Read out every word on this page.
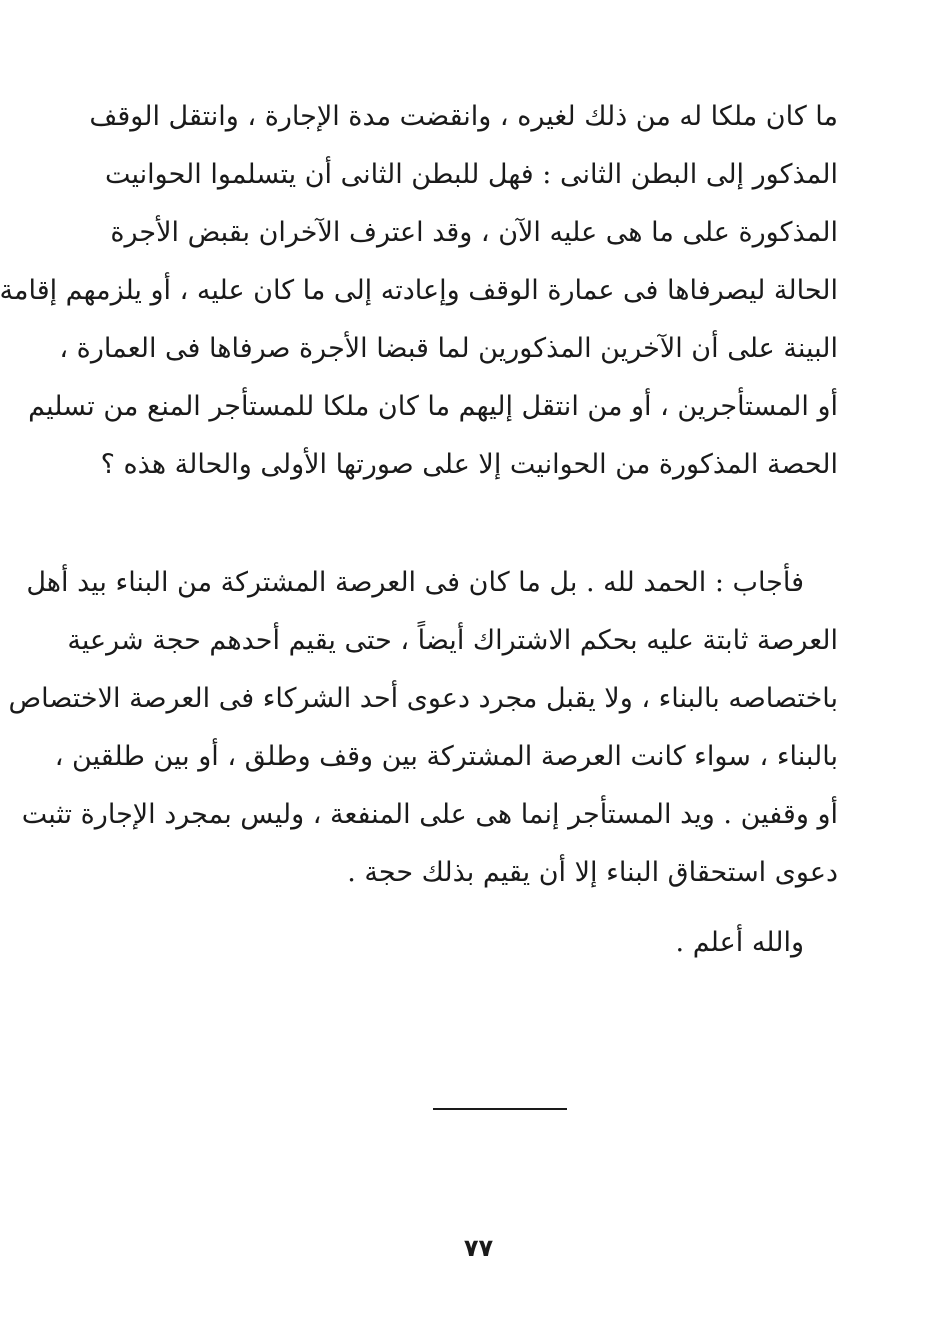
ما كان ملكا له من ذلك لغيره ، وانقضت مدة الإجارة ، وانتقل الوقف
المذكور إلى البطن الثانى : فهل للبطن الثانى أن يتسلموا الحوانيت
المذكورة على ما هى عليه الآن ، وقد اعترف الآخران بقبض الأجرة
الحالة ليصرفاها فى عمارة الوقف وإعادته إلى ما كان عليه ، أو يلزمهم إقامة
البينة على أن الآخرين المذكورين لما قبضا الأجرة صرفاها فى العمارة ،
أو المستأجرين ، أو من انتقل إليهم ما كان ملكا للمستأجر المنع من تسليم
الحصة المذكورة من الحوانيت إلا على صورتها الأولى والحالة هذه ؟
فأجاب : الحمد لله . بل ما كان فى العرصة المشتركة من البناء بيد أهل
العرصة ثابتة عليه بحكم الاشتراك أيضاً ، حتى يقيم أحدهم حجة شرعية
باختصاصه بالبناء ، ولا يقبل مجرد دعوى أحد الشركاء فى العرصة الاختصاص
بالبناء ، سواء كانت العرصة المشتركة بين وقف وطلق ، أو بين طلقين ،
أو وقفين . ويد المستأجر إنما هى على المنفعة ، وليس بمجرد الإجارة تثبت
دعوى استحقاق البناء إلا أن يقيم بذلك حجة .
والله أعلم .
٧٧
